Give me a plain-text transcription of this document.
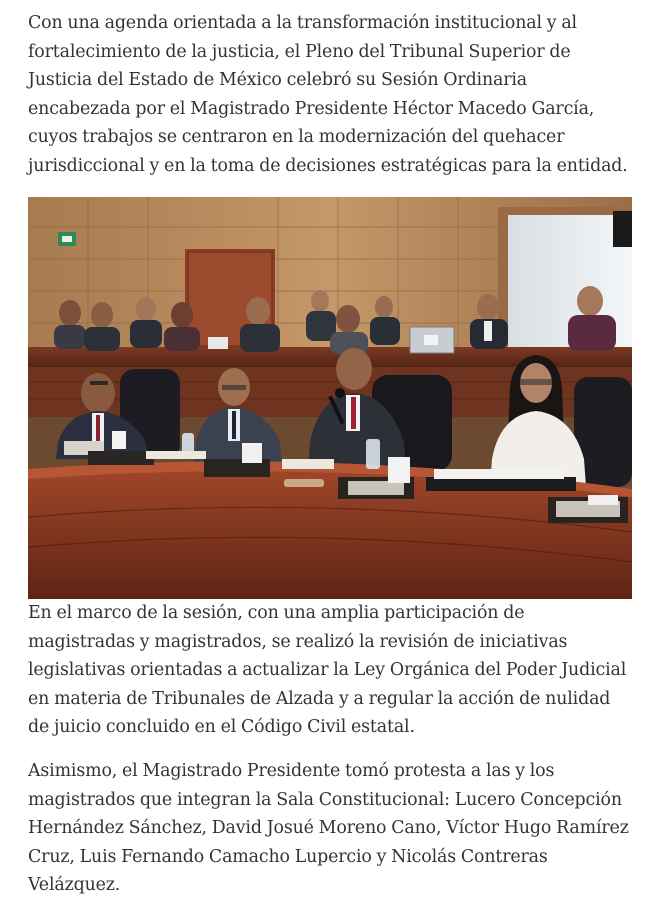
Con una agenda orientada a la transformación institucional y al fortalecimiento de la justicia, el Pleno del Tribunal Superior de Justicia del Estado de México celebró su Sesión Ordinaria encabezada por el Magistrado Presidente Héctor Macedo García, cuyos trabajos se centraron en la modernización del quehacer jurisdiccional y en la toma de decisiones estratégicas para la entidad.

En el marco de la sesión, con una amplia participación de magistradas y magistrados, se realizó la revisión de iniciativas legislativas orientadas a actualizar la Ley Orgánica del Poder Judicial en materia de Tribunales de Alzada y a regular la acción de nulidad de juicio concluido en el Código Civil estatal.

Asimismo, el Magistrado Presidente tomó protesta a las y los magistrados que integran la Sala Constitucional: Lucero Concepción Hernández Sánchez, David Josué Moreno Cano, Víctor Hugo Ramírez Cruz, Luis Fernando Camacho Lupercio y Nicolás Contreras Velázquez.
